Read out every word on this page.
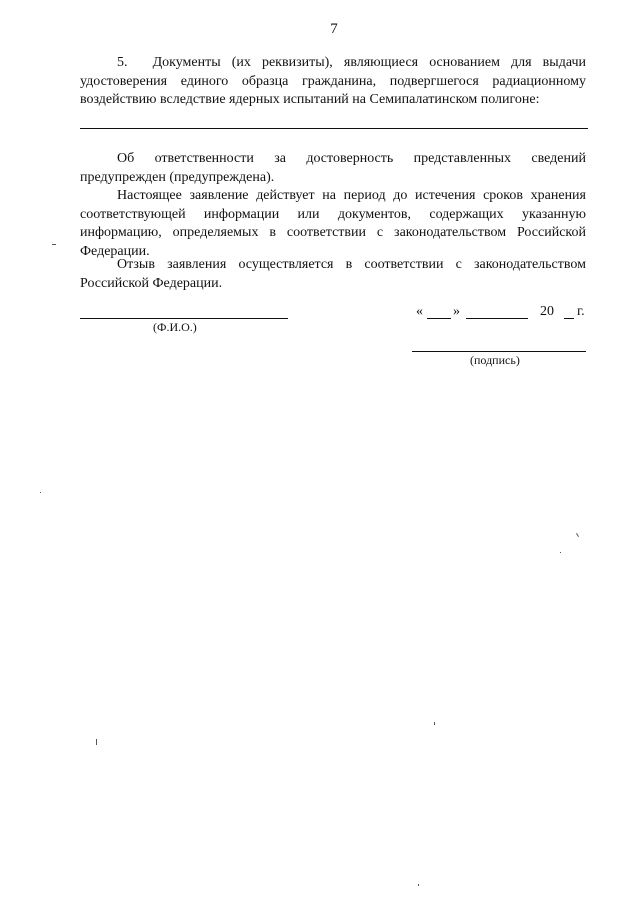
7

5.  Документы (их реквизиты), являющиеся основанием для выдачи удостоверения единого образца гражданина, подвергшегося радиационному воздействию вследствие ядерных испытаний на Семипалатинском полигоне:

Об ответственности за достоверность представленных сведений предупрежден (предупреждена).

Настоящее заявление действует на период до истечения сроков хранения соответствующей информации или документов, содержащих указанную информацию, определяемых в соответствии с законодательством Российской Федерации.

Отзыв заявления осуществляется в соответствии с законодательством Российской Федерации.

(Ф.И.О.)
« »	20 г.
(подпись)
